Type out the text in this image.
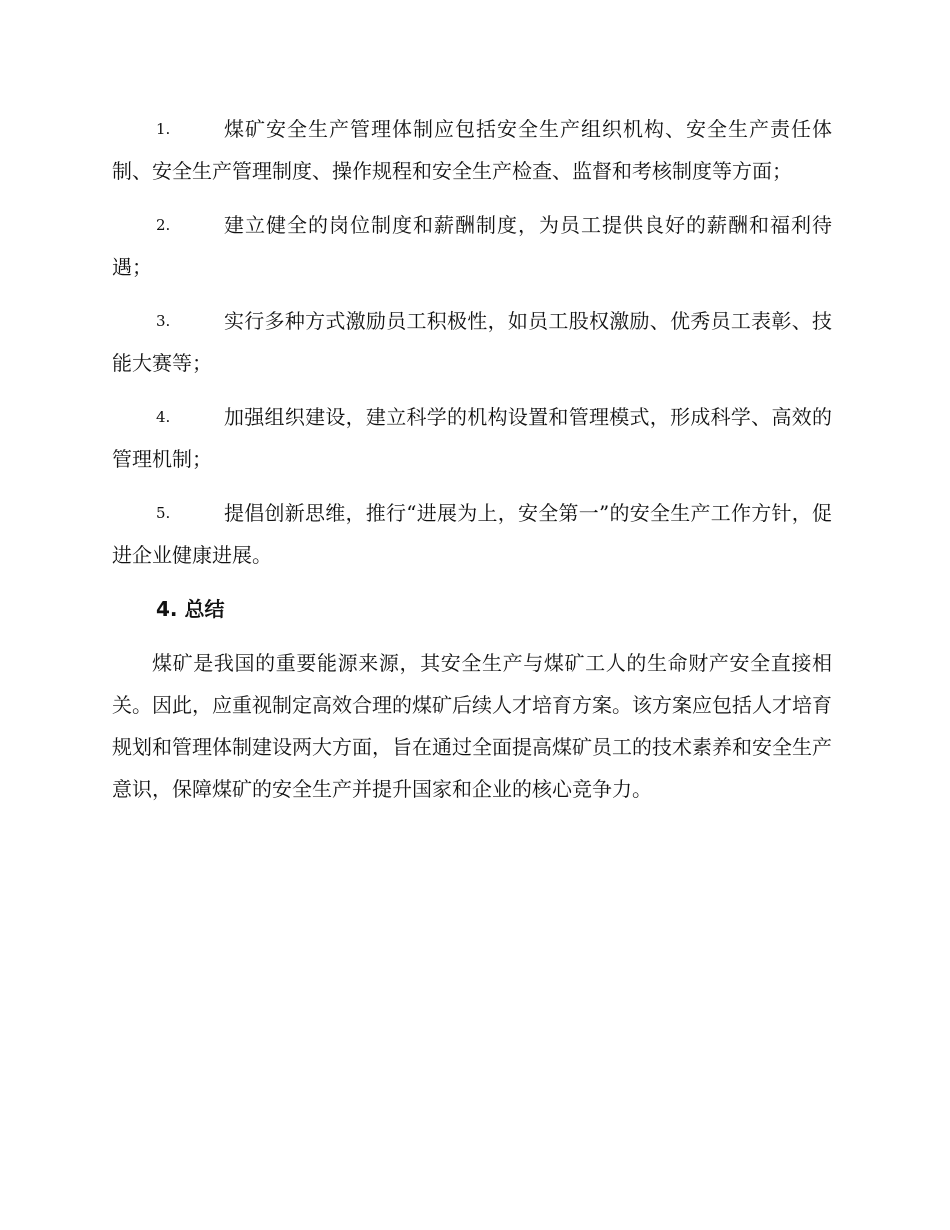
1.	煤矿安全生产管理体制应包括安全生产组织机构、安全生产责任体制、安全生产管理制度、操作规程和安全生产检查、监督和考核制度等方面；
2.	建立健全的岗位制度和薪酬制度，为员工提供良好的薪酬和福利待遇；
3.	实行多种方式激励员工积极性，如员工股权激励、优秀员工表彰、技能大赛等；
4.	加强组织建设，建立科学的机构设置和管理模式，形成科学、高效的管理机制；
5.	提倡创新思维，推行“进展为上，安全第一”的安全生产工作方针，促进企业健康进展。
4. 总结

煤矿是我国的重要能源来源，其安全生产与煤矿工人的生命财产安全直接相关。因此，应重视制定高效合理的煤矿后续人才培育方案。该方案应包括人才培育规划和管理体制建设两大方面，旨在通过全面提高煤矿员工的技术素养和安全生产意识，保障煤矿的安全生产并提升国家和企业的核心竞争力。
